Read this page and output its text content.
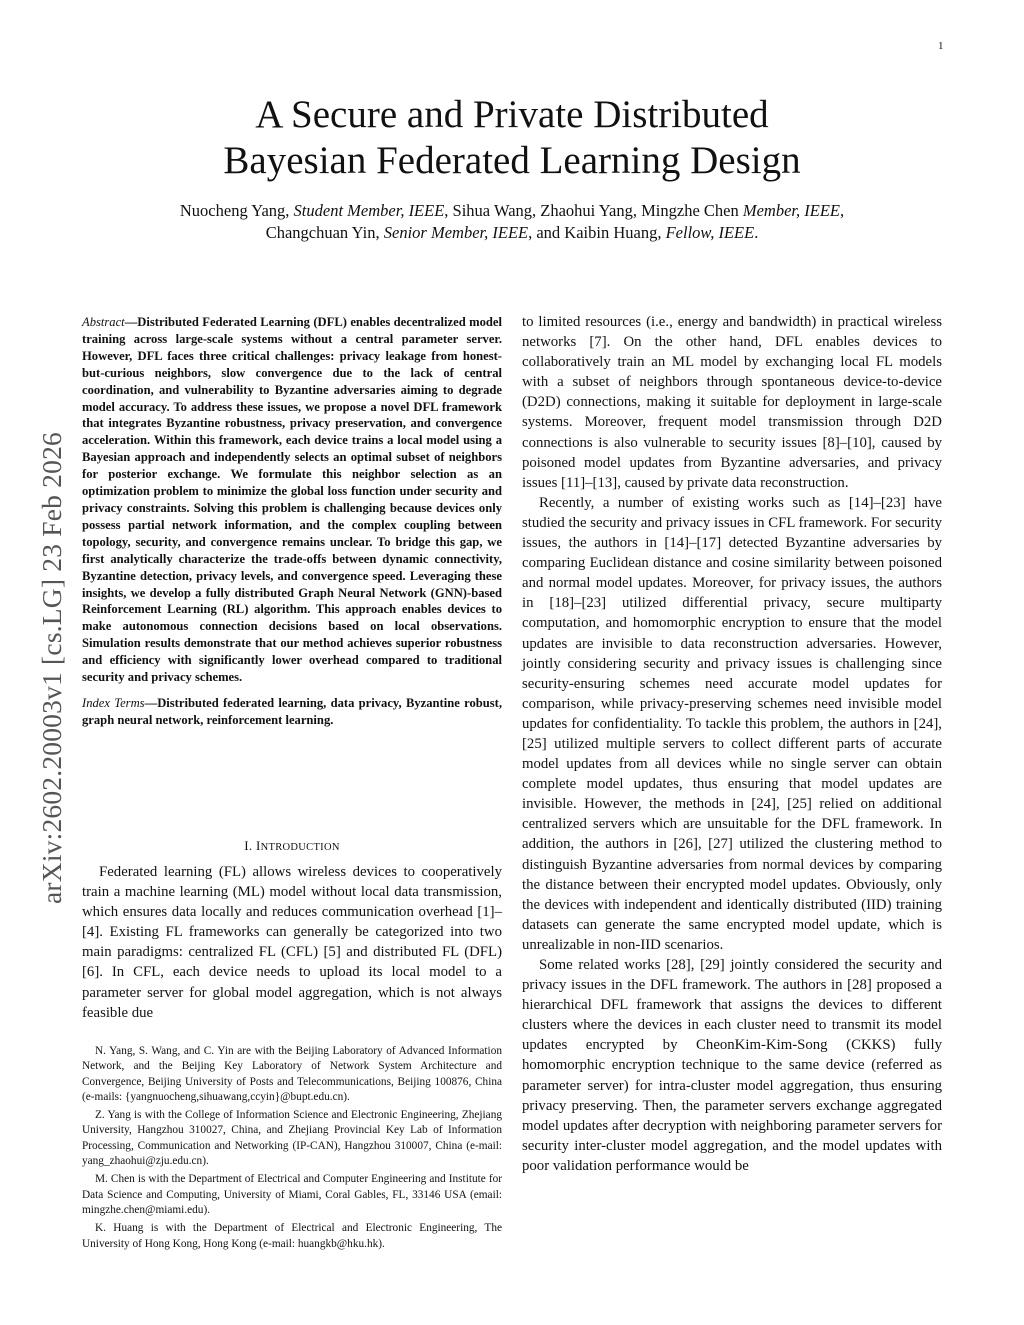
1
arXiv:2602.20003v1 [cs.LG] 23 Feb 2026
A Secure and Private Distributed
Bayesian Federated Learning Design
Nuocheng Yang, Student Member, IEEE, Sihua Wang, Zhaohui Yang, Mingzhe Chen Member, IEEE,
Changchuan Yin, Senior Member, IEEE, and Kaibin Huang, Fellow, IEEE.

Abstract—Distributed Federated Learning (DFL) enables decentralized model training across large-scale systems without a central parameter server. However, DFL faces three critical challenges: privacy leakage from honest-but-curious neighbors, slow convergence due to the lack of central coordination, and vulnerability to Byzantine adversaries aiming to degrade model accuracy. To address these issues, we propose a novel DFL framework that integrates Byzantine robustness, privacy preservation, and convergence acceleration. Within this framework, each device trains a local model using a Bayesian approach and independently selects an optimal subset of neighbors for posterior exchange. We formulate this neighbor selection as an optimization problem to minimize the global loss function under security and privacy constraints. Solving this problem is challenging because devices only possess partial network information, and the complex coupling between topology, security, and convergence remains unclear. To bridge this gap, we first analytically characterize the trade-offs between dynamic connectivity, Byzantine detection, privacy levels, and convergence speed. Leveraging these insights, we develop a fully distributed Graph Neural Network (GNN)-based Reinforcement Learning (RL) algorithm. This approach enables devices to make autonomous connection decisions based on local observations. Simulation results demonstrate that our method achieves superior robustness and efficiency with significantly lower overhead compared to traditional security and privacy schemes.

Index Terms—Distributed federated learning, data privacy, Byzantine robust, graph neural network, reinforcement learning.

I. INTRODUCTION

Federated learning (FL) allows wireless devices to cooperatively train a machine learning (ML) model without local data transmission, which ensures data locally and reduces communication overhead [1]–[4]. Existing FL frameworks can generally be categorized into two main paradigms: centralized FL (CFL) [5] and distributed FL (DFL) [6]. In CFL, each device needs to upload its local model to a parameter server for global model aggregation, which is not always feasible due

N. Yang, S. Wang, and C. Yin are with the Beijing Laboratory of Advanced Information Network, and the Beijing Key Laboratory of Network System Architecture and Convergence, Beijing University of Posts and Telecommunications, Beijing 100876, China (e-mails: {yangnuocheng,sihuawang,ccyin}@bupt.edu.cn).

Z. Yang is with the College of Information Science and Electronic Engineering, Zhejiang University, Hangzhou 310027, China, and Zhejiang Provincial Key Lab of Information Processing, Communication and Networking (IP-CAN), Hangzhou 310007, China (e-mail: yang_zhaohui@zju.edu.cn).

M. Chen is with the Department of Electrical and Computer Engineering and Institute for Data Science and Computing, University of Miami, Coral Gables, FL, 33146 USA (email: mingzhe.chen@miami.edu).

K. Huang is with the Department of Electrical and Electronic Engineering, The University of Hong Kong, Hong Kong (e-mail: huangkb@hku.hk).

to limited resources (i.e., energy and bandwidth) in practical wireless networks [7]. On the other hand, DFL enables devices to collaboratively train an ML model by exchanging local FL models with a subset of neighbors through spontaneous device-to-device (D2D) connections, making it suitable for deployment in large-scale systems. Moreover, frequent model transmission through D2D connections is also vulnerable to security issues [8]–[10], caused by poisoned model updates from Byzantine adversaries, and privacy issues [11]–[13], caused by private data reconstruction.

Recently, a number of existing works such as [14]–[23] have studied the security and privacy issues in CFL framework. For security issues, the authors in [14]–[17] detected Byzantine adversaries by comparing Euclidean distance and cosine similarity between poisoned and normal model updates. Moreover, for privacy issues, the authors in [18]–[23] utilized differential privacy, secure multiparty computation, and homomorphic encryption to ensure that the model updates are invisible to data reconstruction adversaries. However, jointly considering security and privacy issues is challenging since security-ensuring schemes need accurate model updates for comparison, while privacy-preserving schemes need invisible model updates for confidentiality. To tackle this problem, the authors in [24], [25] utilized multiple servers to collect different parts of accurate model updates from all devices while no single server can obtain complete model updates, thus ensuring that model updates are invisible. However, the methods in [24], [25] relied on additional centralized servers which are unsuitable for the DFL framework. In addition, the authors in [26], [27] utilized the clustering method to distinguish Byzantine adversaries from normal devices by comparing the distance between their encrypted model updates. Obviously, only the devices with independent and identically distributed (IID) training datasets can generate the same encrypted model update, which is unrealizable in non-IID scenarios.

Some related works [28], [29] jointly considered the security and privacy issues in the DFL framework. The authors in [28] proposed a hierarchical DFL framework that assigns the devices to different clusters where the devices in each cluster need to transmit its model updates encrypted by CheonKim-Kim-Song (CKKS) fully homomorphic encryption technique to the same device (referred as parameter server) for intra-cluster model aggregation, thus ensuring privacy preserving. Then, the parameter servers exchange aggregated model updates after decryption with neighboring parameter servers for security inter-cluster model aggregation, and the model updates with poor validation performance would be
